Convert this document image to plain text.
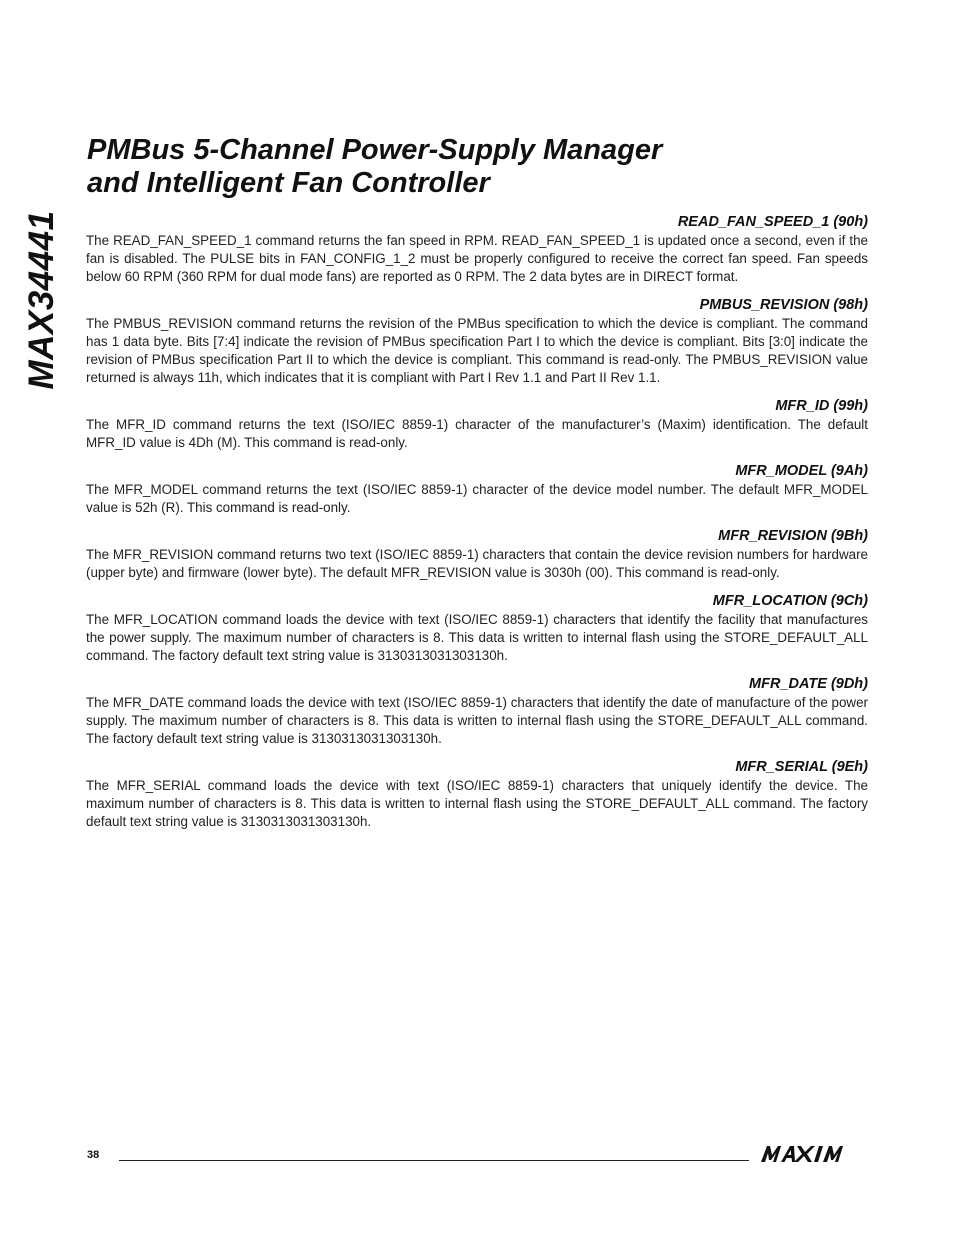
MAX34441
PMBus 5-Channel Power-Supply Manager
and Intelligent Fan Controller
READ_FAN_SPEED_1 (90h)

The READ_FAN_SPEED_1 command returns the fan speed in RPM. READ_FAN_SPEED_1 is updated once a second, even if the fan is disabled. The PULSE bits in FAN_CONFIG_1_2 must be properly configured to receive the correct fan speed. Fan speeds below 60 RPM (360 RPM for dual mode fans) are reported as 0 RPM. The 2 data bytes are in DIRECT format.

PMBUS_REVISION (98h)

The PMBUS_REVISION command returns the revision of the PMBus specification to which the device is compliant. The command has 1 data byte. Bits [7:4] indicate the revision of PMBus specification Part I to which the device is compliant. Bits [3:0] indicate the revision of PMBus specification Part II to which the device is compliant. This command is read-only. The PMBUS_REVISION value returned is always 11h, which indicates that it is compliant with Part I Rev 1.1 and Part II Rev 1.1.

MFR_ID (99h)

The MFR_ID command returns the text (ISO/IEC 8859-1) character of the manufacturer’s (Maxim) identification. The default MFR_ID value is 4Dh (M). This command is read-only.

MFR_MODEL (9Ah)

The MFR_MODEL command returns the text (ISO/IEC 8859-1) character of the device model number. The default MFR_MODEL value is 52h (R). This command is read-only.

MFR_REVISION (9Bh)

The MFR_REVISION command returns two text (ISO/IEC 8859-1) characters that contain the device revision numbers for hardware (upper byte) and firmware (lower byte). The default MFR_REVISION value is 3030h (00). This command is read-only.

MFR_LOCATION (9Ch)

The MFR_LOCATION command loads the device with text (ISO/IEC 8859-1) characters that identify the facility that manufactures the power supply. The maximum number of characters is 8. This data is written to internal flash using the STORE_DEFAULT_ALL command. The factory default text string value is 3130313031303130h.

MFR_DATE (9Dh)

The MFR_DATE command loads the device with text (ISO/IEC 8859-1) characters that identify the date of manufacture of the power supply. The maximum number of characters is 8. This data is written to internal flash using the STORE_DEFAULT_ALL command. The factory default text string value is 3130313031303130h.

MFR_SERIAL (9Eh)

The MFR_SERIAL command loads the device with text (ISO/IEC 8859-1) characters that uniquely identify the device. The maximum number of characters is 8. This data is written to internal flash using the STORE_DEFAULT_ALL command. The factory default text string value is 3130313031303130h.

38
